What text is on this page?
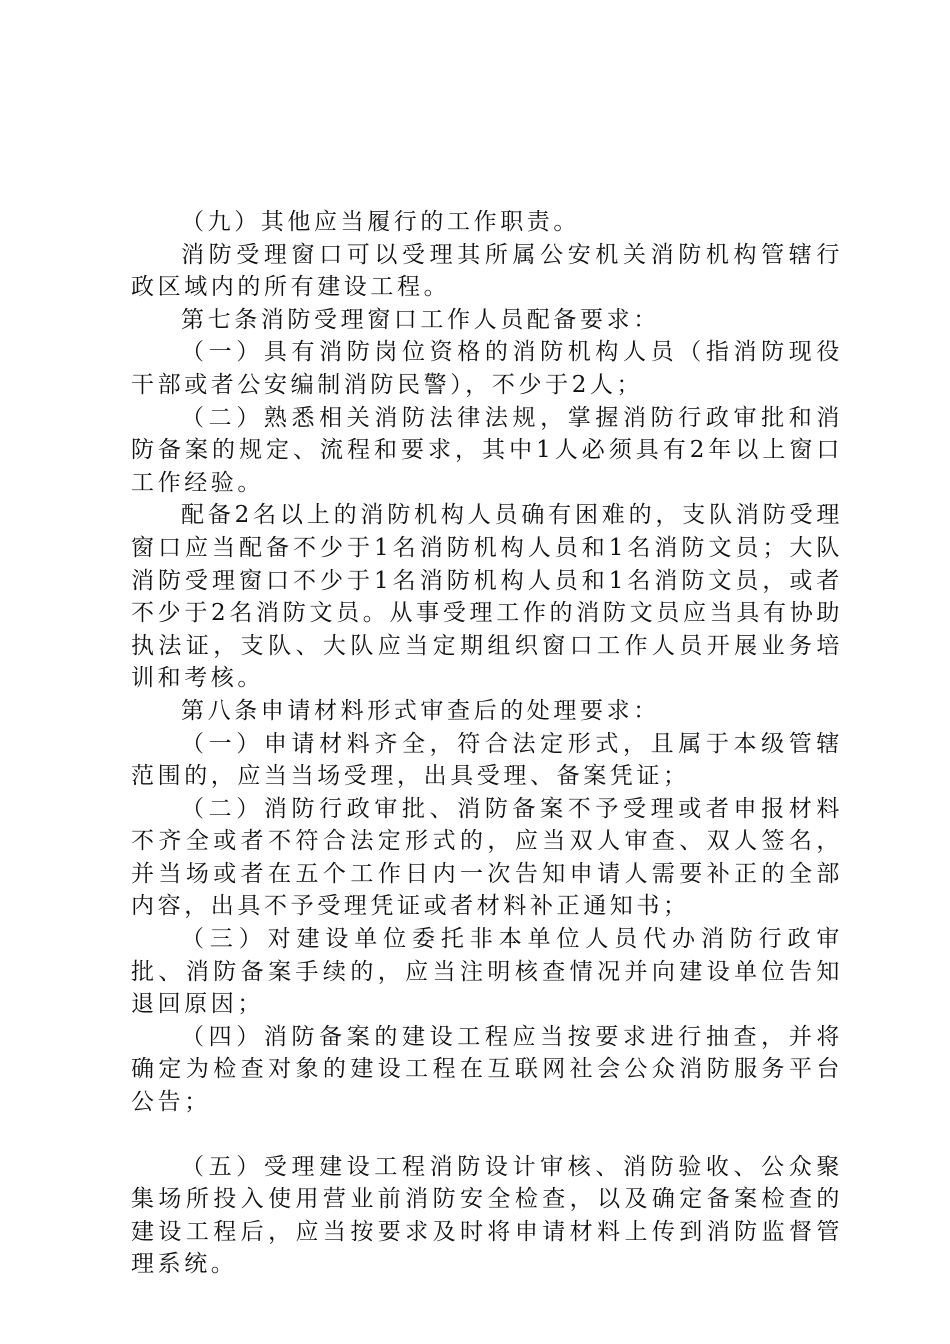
（九）其他应当履行的工作职责。

消防受理窗口可以受理其所属公安机关消防机构管辖行政区域内的所有建设工程。

第七条消防受理窗口工作人员配备要求：

（一）具有消防岗位资格的消防机构人员（指消防现役干部或者公安编制消防民警），不少于2人；

（二）熟悉相关消防法律法规，掌握消防行政审批和消防备案的规定、流程和要求，其中1人必须具有2年以上窗口工作经验。

配备2名以上的消防机构人员确有困难的，支队消防受理窗口应当配备不少于1名消防机构人员和1名消防文员；大队消防受理窗口不少于1名消防机构人员和1名消防文员，或者不少于2名消防文员。从事受理工作的消防文员应当具有协助执法证，支队、大队应当定期组织窗口工作人员开展业务培训和考核。

第八条申请材料形式审查后的处理要求：

（一）申请材料齐全，符合法定形式，且属于本级管辖范围的，应当当场受理，出具受理、备案凭证；

（二）消防行政审批、消防备案不予受理或者申报材料不齐全或者不符合法定形式的，应当双人审查、双人签名，并当场或者在五个工作日内一次告知申请人需要补正的全部内容，出具不予受理凭证或者材料补正通知书；

（三）对建设单位委托非本单位人员代办消防行政审批、消防备案手续的，应当注明核查情况并向建设单位告知退回原因；

（四）消防备案的建设工程应当按要求进行抽查，并将确定为检查对象的建设工程在互联网社会公众消防服务平台公告；

（五）受理建设工程消防设计审核、消防验收、公众聚集场所投入使用营业前消防安全检查，以及确定备案检查的建设工程后，应当按要求及时将申请材料上传到消防监督管理系统。
